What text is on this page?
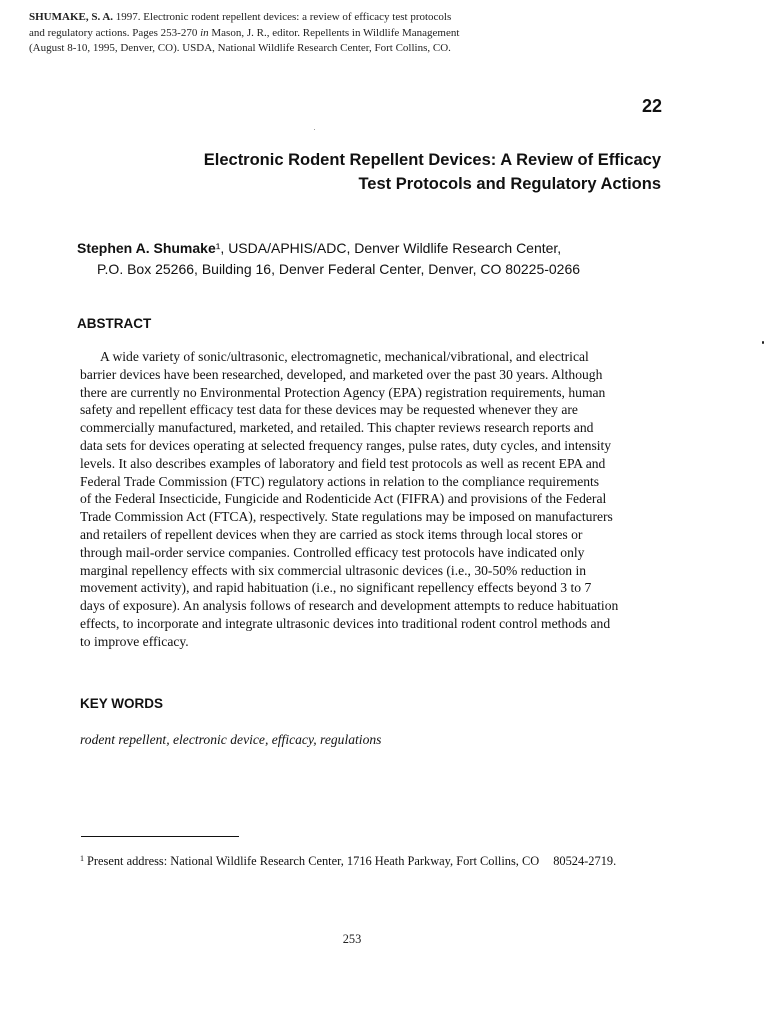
SHUMAKE, S. A. 1997. Electronic rodent repellent devices: a review of efficacy test protocols
and regulatory actions. Pages 253-270 in Mason, J. R., editor. Repellents in Wildlife Management
(August 8-10, 1995, Denver, CO). USDA, National Wildlife Research Center, Fort Collins, CO.
22
Electronic Rodent Repellent Devices: A Review of Efficacy
Test Protocols and Regulatory Actions
Stephen A. Shumake¹, USDA/APHIS/ADC, Denver Wildlife Research Center,
P.O. Box 25266, Building 16, Denver Federal Center, Denver, CO 80225-0266
ABSTRACT
A wide variety of sonic/ultrasonic, electromagnetic, mechanical/vibrational, and electrical
barrier devices have been researched, developed, and marketed over the past 30 years. Although
there are currently no Environmental Protection Agency (EPA) registration requirements, human
safety and repellent efficacy test data for these devices may be requested whenever they are
commercially manufactured, marketed, and retailed. This chapter reviews research reports and
data sets for devices operating at selected frequency ranges, pulse rates, duty cycles, and intensity
levels. It also describes examples of laboratory and field test protocols as well as recent EPA and
Federal Trade Commission (FTC) regulatory actions in relation to the compliance requirements
of the Federal Insecticide, Fungicide and Rodenticide Act (FIFRA) and provisions of the Federal
Trade Commission Act (FTCA), respectively. State regulations may be imposed on manufacturers
and retailers of repellent devices when they are carried as stock items through local stores or
through mail-order service companies. Controlled efficacy test protocols have indicated only
marginal repellency effects with six commercial ultrasonic devices (i.e., 30-50% reduction in
movement activity), and rapid habituation (i.e., no significant repellency effects beyond 3 to 7
days of exposure). An analysis follows of research and development attempts to reduce habituation
effects, to incorporate and integrate ultrasonic devices into traditional rodent control methods and
to improve efficacy.
KEY WORDS
rodent repellent, electronic device, efficacy, regulations
$^1$ Present address: National Wildlife Research Center, 1716 Heath Parkway, Fort Collins, CO 80524-2719.
253
